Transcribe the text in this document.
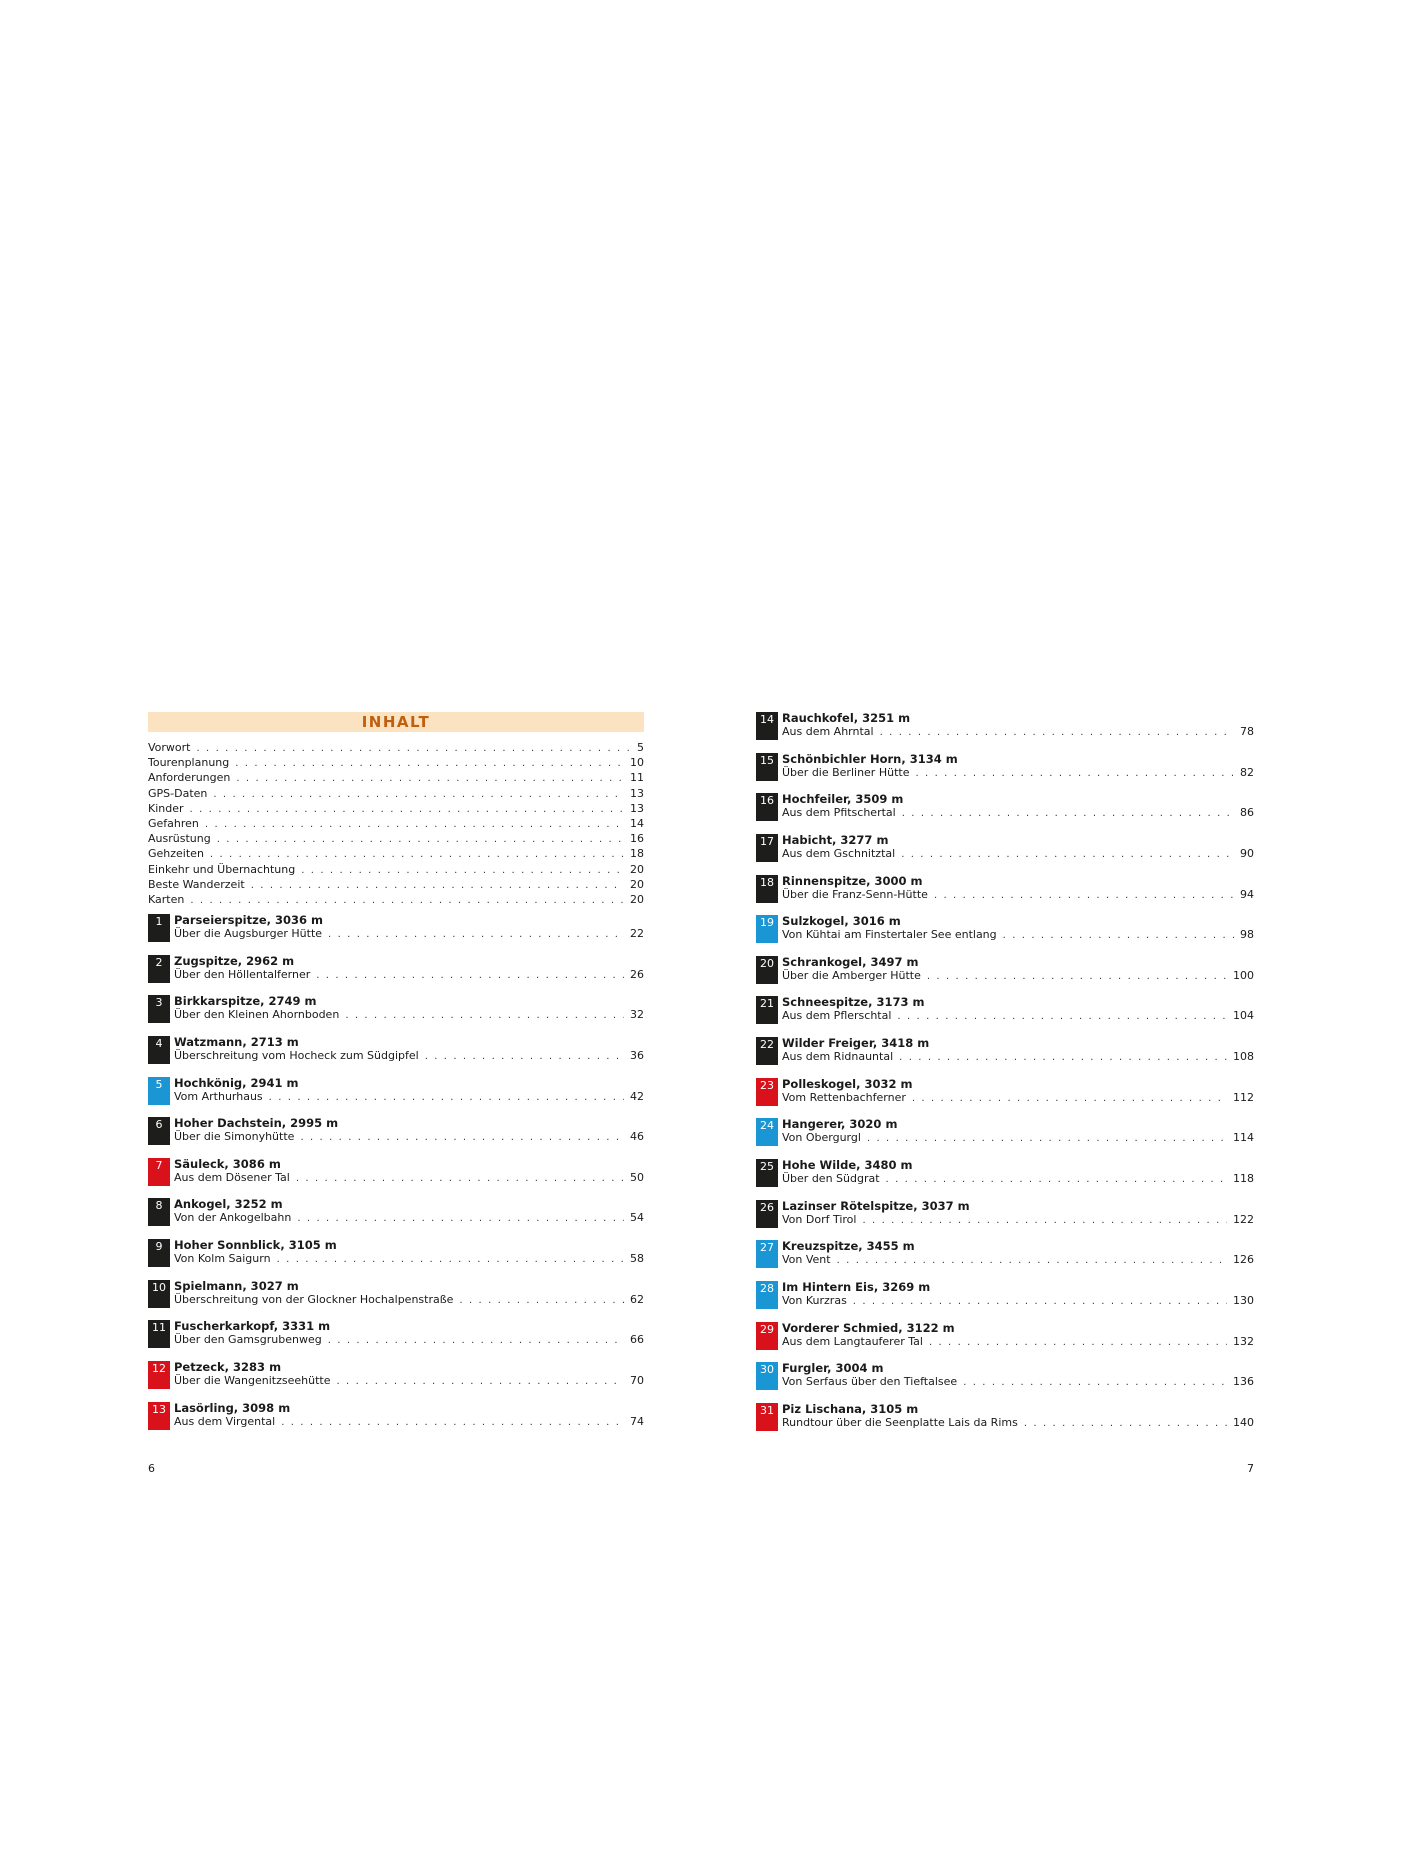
INHALT
Vorwort . . .	5
Tourenplanung . . .	10
Anforderungen . . .	11
GPS-Daten . . .	13
Kinder . . .	13
Gefahren . . .	14
Ausrüstung . . .	16
Gehzeiten . . .	18
Einkehr und Übernachtung . . .	20
Beste Wanderzeit . . .	20
Karten . . .	20
1	Parseierspitze, 3036 m
Über die Augsburger Hütte . . .	22
2	Zugspitze, 2962 m
Über den Höllentalferner . . .	26
3	Birkkarspitze, 2749 m
Über den Kleinen Ahornboden . . .	32
4	Watzmann, 2713 m
Überschreitung vom Hocheck zum Südgipfel . . .	36
5	Hochkönig, 2941 m
Vom Arthurhaus . . .	42
6	Hoher Dachstein, 2995 m
Über die Simonyhütte . . .	46
7	Säuleck, 3086 m
Aus dem Dösener Tal . . .	50
8	Ankogel, 3252 m
Von der Ankogelbahn . . .	54
9	Hoher Sonnblick, 3105 m
Von Kolm Saigurn . . .	58
10 Spielmann, 3027 m
Überschreitung von der Glockner Hochalpenstraße . . .	62
11 Fuscherkarkopf, 3331 m
Über den Gamsgrubenweg . . .	66
12 Petzeck, 3283 m
Über die Wangenitzseehütte . . .	70
13 Lasörling, 3098 m
Aus dem Virgental . . .	74
6
14 Rauchkofel, 3251 m
Aus dem Ahrntal . . .	78
15 Schönbichler Horn, 3134 m
Über die Berliner Hütte . . .	82
16 Hochfeiler, 3509 m
Aus dem Pfitschertal . . .	86
17 Habicht, 3277 m
Aus dem Gschnitztal . . .	90
18 Rinnenspitze, 3000 m
Über die Franz-Senn-Hütte . . .	94
19 Sulzkogel, 3016 m
Von Kühtai am Finstertaler See entlang . . .	98
20 Schrankogel, 3497 m
Über die Amberger Hütte . . .	100
21 Schneespitze, 3173 m
Aus dem Pflerschtal . . .	104
22 Wilder Freiger, 3418 m
Aus dem Ridnauntal . . .	108
23 Polleskogel, 3032 m
Vom Rettenbachferner . . .	112
24 Hangerer, 3020 m
Von Obergurgl . . .	114
25 Hohe Wilde, 3480 m
Über den Südgrat . . .	118
26 Lazinser Rötelspitze, 3037 m
Von Dorf Tirol . . .	122
27 Kreuzspitze, 3455 m
Von Vent . . .	126
28 Im Hintern Eis, 3269 m
Von Kurzras . . .	130
29 Vorderer Schmied, 3122 m
Aus dem Langtauferer Tal . . .	132
30 Furgler, 3004 m
Von Serfaus über den Tieftalsee . . .	136
31 Piz Lischana, 3105 m
Rundtour über die Seenplatte Lais da Rims . . .	140
7
